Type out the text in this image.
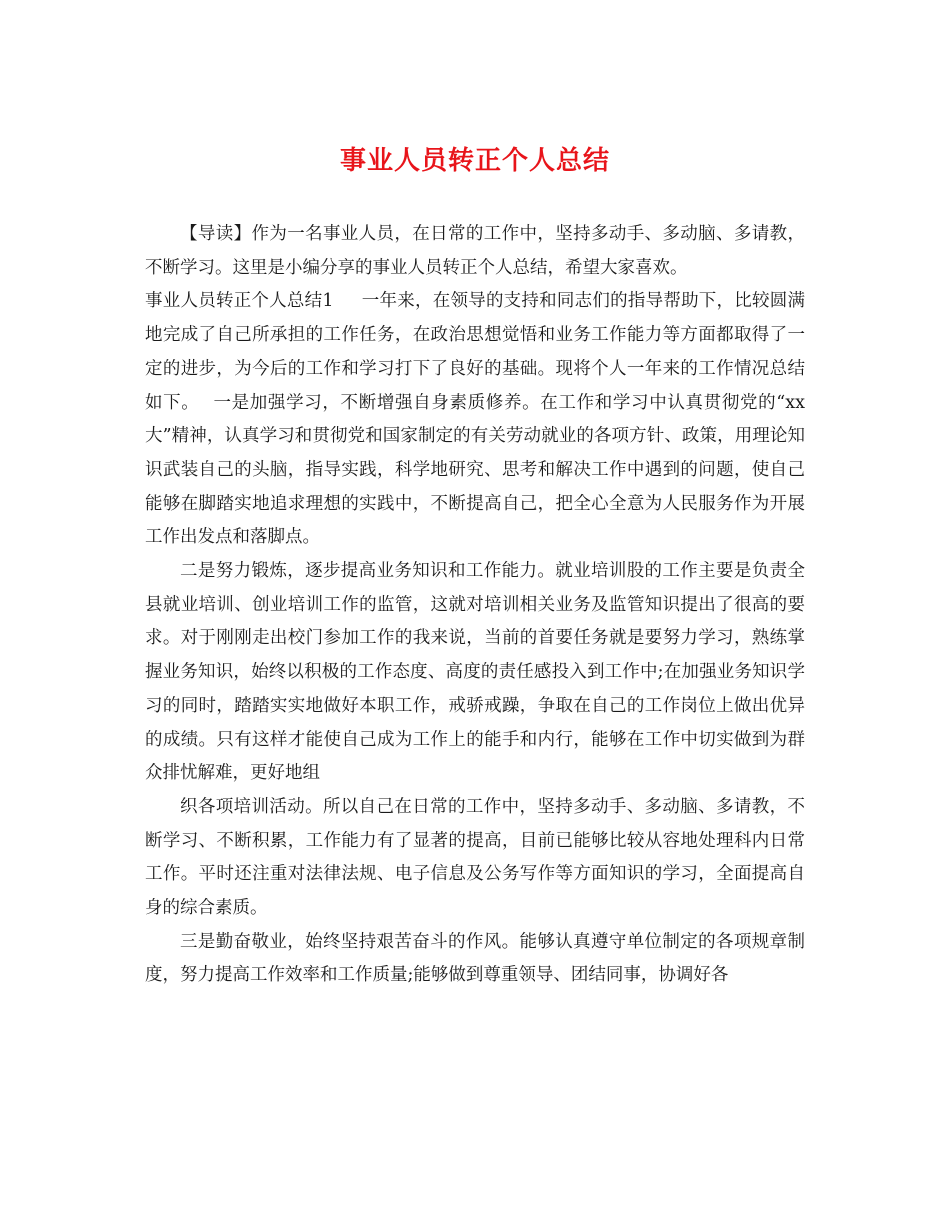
事业人员转正个人总结

【导读】作为一名事业人员，在日常的工作中，坚持多动手、多动脑、多请教，不断学习。这里是小编分享的事业人员转正个人总结，希望大家喜欢。

事业人员转正个人总结1 一年来，在领导的支持和同志们的指导帮助下，比较圆满地完成了自己所承担的工作任务，在政治思想觉悟和业务工作能力等方面都取得了一定的进步，为今后的工作和学习打下了良好的基础。现将个人一年来的工作情况总结如下。 一是加强学习，不断增强自身素质修养。在工作和学习中认真贯彻党的“xx大”精神，认真学习和贯彻党和国家制定的有关劳动就业的各项方针、政策，用理论知识武装自己的头脑，指导实践，科学地研究、思考和解决工作中遇到的问题，使自己能够在脚踏实地追求理想的实践中，不断提高自己，把全心全意为人民服务作为开展工作出发点和落脚点。

二是努力锻炼，逐步提高业务知识和工作能力。就业培训股的工作主要是负责全县就业培训、创业培训工作的监管，这就对培训相关业务及监管知识提出了很高的要求。对于刚刚走出校门参加工作的我来说，当前的首要任务就是要努力学习，熟练掌握业务知识，始终以积极的工作态度、高度的责任感投入到工作中;在加强业务知识学习的同时，踏踏实实地做好本职工作，戒骄戒躁，争取在自己的工作岗位上做出优异的成绩。只有这样才能使自己成为工作上的能手和内行，能够在工作中切实做到为群众排忧解难，更好地组

织各项培训活动。所以自己在日常的工作中，坚持多动手、多动脑、多请教，不断学习、不断积累，工作能力有了显著的提高，目前已能够比较从容地处理科内日常工作。平时还注重对法律法规、电子信息及公务写作等方面知识的学习，全面提高自身的综合素质。

三是勤奋敬业，始终坚持艰苦奋斗的作风。能够认真遵守单位制定的各项规章制度，努力提高工作效率和工作质量;能够做到尊重领导、团结同事，协调好各
